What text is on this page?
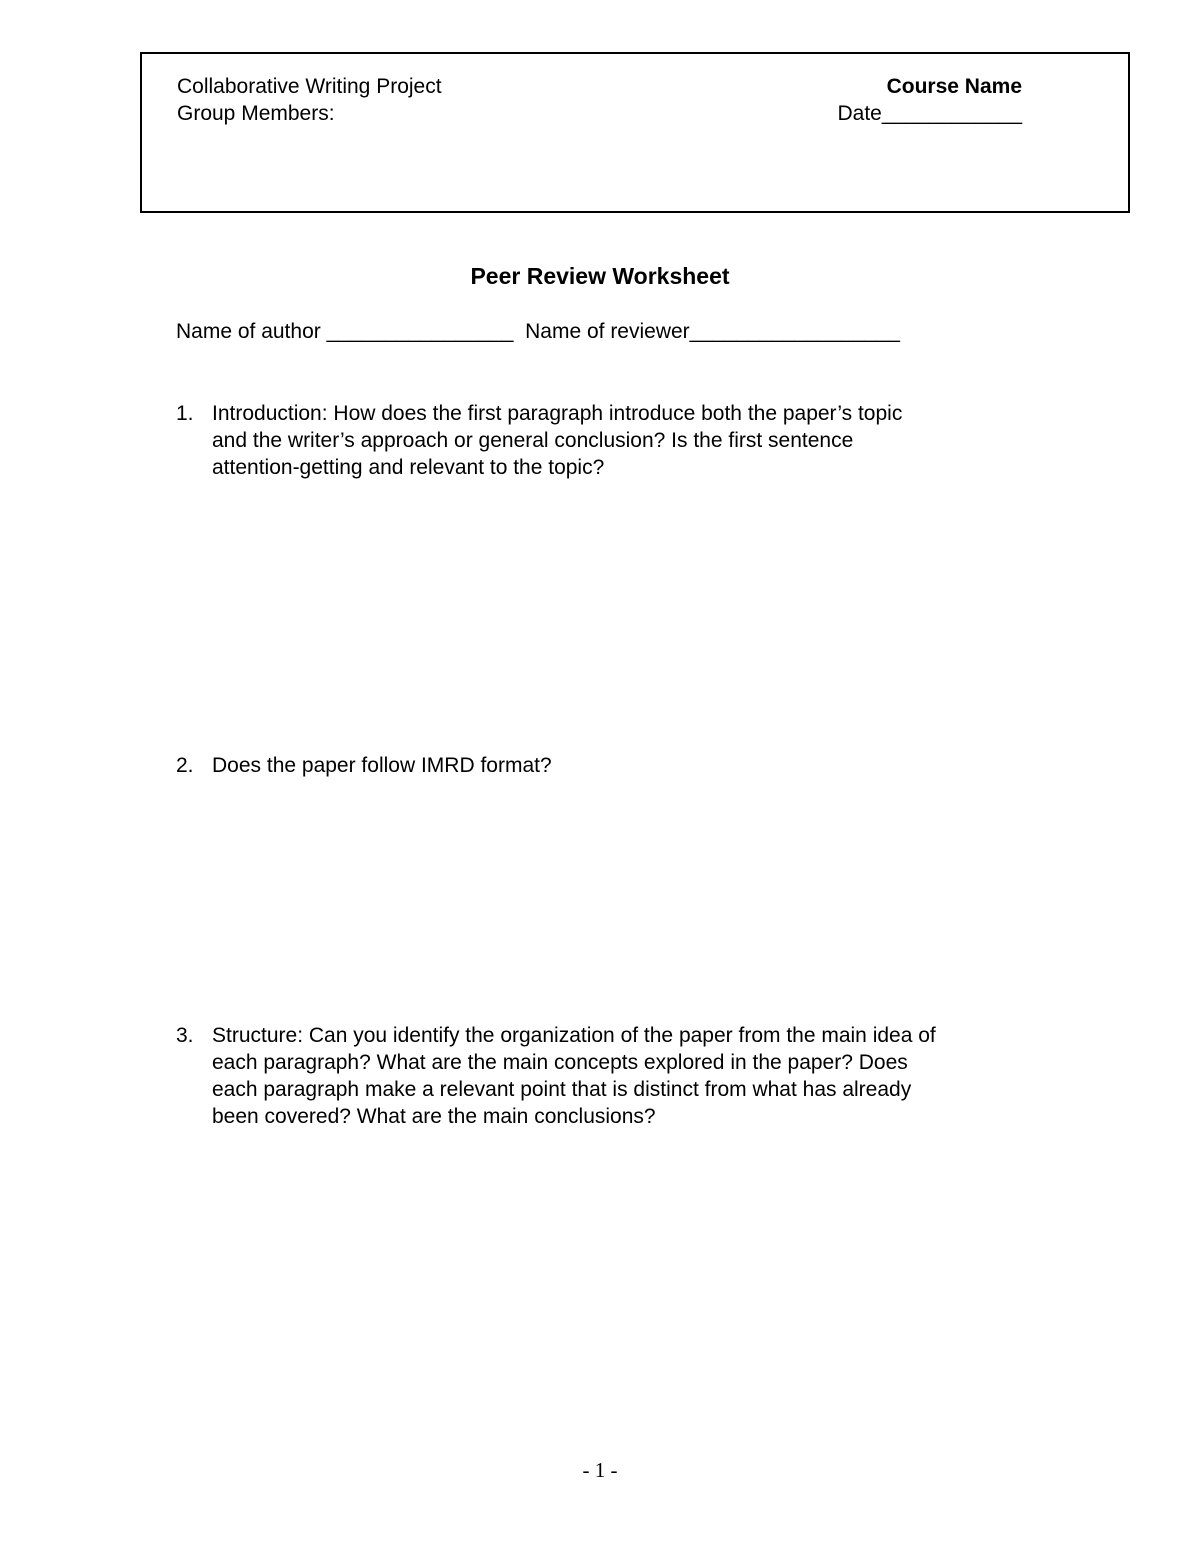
Collaborative Writing Project
Group Members:
Course Name
Date____________
Peer Review Worksheet
Name of author ________________  Name of reviewer__________________
1. Introduction: How does the first paragraph introduce both the paper’s topic
and the writer’s approach or general conclusion? Is the first sentence
attention-getting and relevant to the topic?
2. Does the paper follow IMRD format?
3. Structure: Can you identify the organization of the paper from the main idea of
each paragraph? What are the main concepts explored in the paper? Does
each paragraph make a relevant point that is distinct from what has already
been covered? What are the main conclusions?
- 1 -
